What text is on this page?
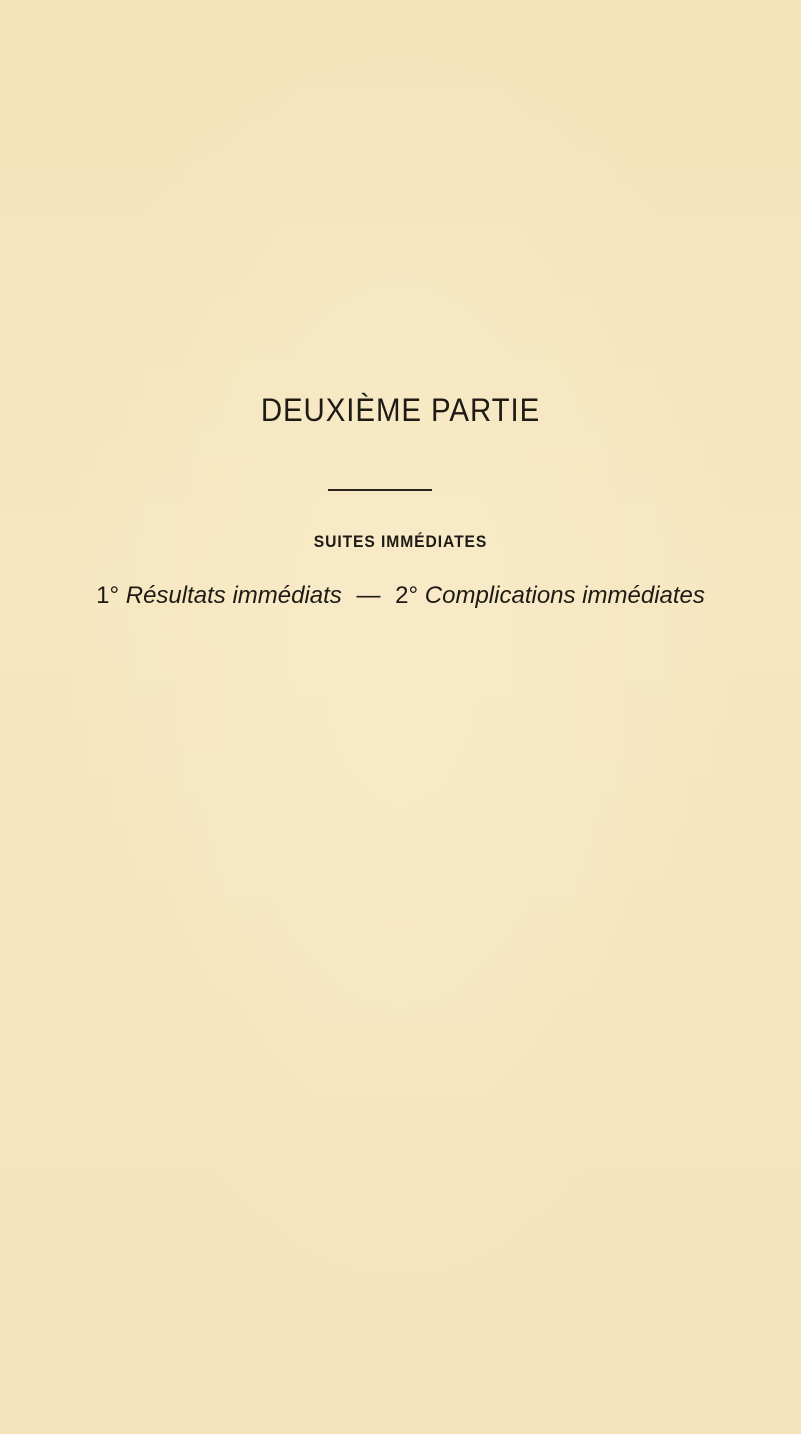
DEUXIÈME PARTIE
SUITES IMMÉDIATES
1° Résultats immédiats — 2° Complications immédiates
